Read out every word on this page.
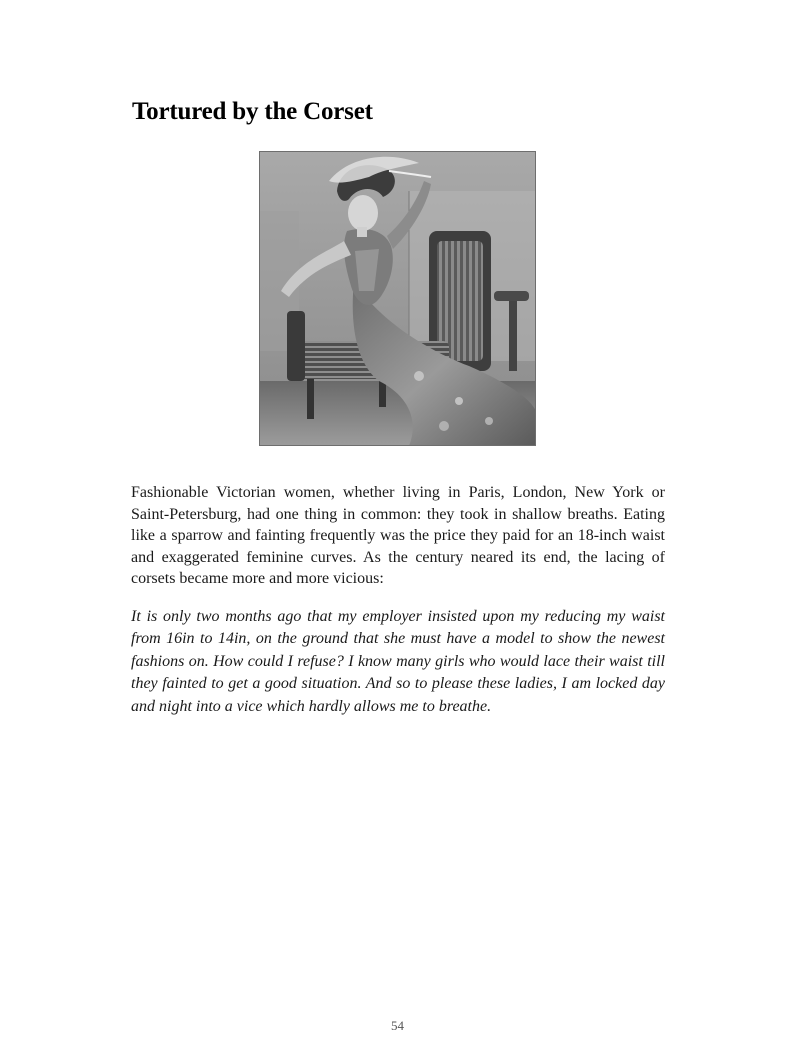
Tortured by the Corset

Fashionable Victorian women, whether living in Paris, London, New York or Saint-Petersburg, had one thing in common: they took in shallow breaths. Eating like a sparrow and fainting frequently was the price they paid for an 18-inch waist and exaggerated feminine curves. As the century neared its end, the lacing of corsets became more and more vicious:

It is only two months ago that my employer insisted upon my reducing my waist from 16in to 14in, on the ground that she must have a model to show the newest fashions on. How could I refuse? I know many girls who would lace their waist till they fainted to get a good situation. And so to please these ladies, I am locked day and night into a vice which hardly allows me to breathe.

54
